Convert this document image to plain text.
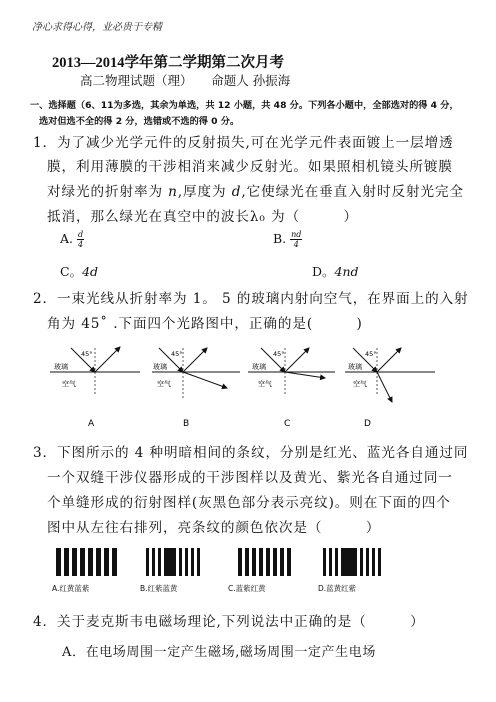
净心求得心得，业必贵于专精
2013—2014学年第二学期第二次月考
高二物理试题（理）　　命题人 孙振海
一、选择题（6、11为多选，其余为单选，共 12 小题，共 48 分。下列各小题中，全部选对的得 4 分，
选对但选不全的得 2 分，选错或不选的得 0 分。
1．为了减少光学元件的反射损失,可在光学元件表面镀上一层增透
膜，利用薄膜的干涉相消来减少反射光。如果照相机镜头所镀膜
对绿光的折射率为 n,厚度为 d,它使绿光在垂直入射时反射光完全
抵消，那么绿光在真空中的波长λ₀ 为（　　　）
A. $\frac{d}{4}$	B. $\frac{nd}{4}$
C。4d	D。4nd
2．一束光线从折射率为 1。 5 的玻璃内射向空气，在界面上的入射
角为 45˚ .下面四个光路图中，正确的是(　　　)
玻璃
空气
45°
A
玻璃
空气
45°
B
玻璃
空气
45°
C
玻璃
空气
45°
D
3．下图所示的 4 种明暗相间的条纹，分别是红光、蓝光各自通过同
一个双缝干涉仪器形成的干涉图样以及黄光、紫光各自通过同一
个单缝形成的衍射图样(灰黑色部分表示亮纹)。则在下面的四个
图中从左往右排列，亮条纹的颜色依次是（　　　）
A.红黄蓝紫	B.红紫蓝黄	C.蓝紫红黄	D.蓝黄红紫
4．关于麦克斯韦电磁场理论,下列说法中正确的是（　　　）
A．在电场周围一定产生磁场,磁场周围一定产生电场
